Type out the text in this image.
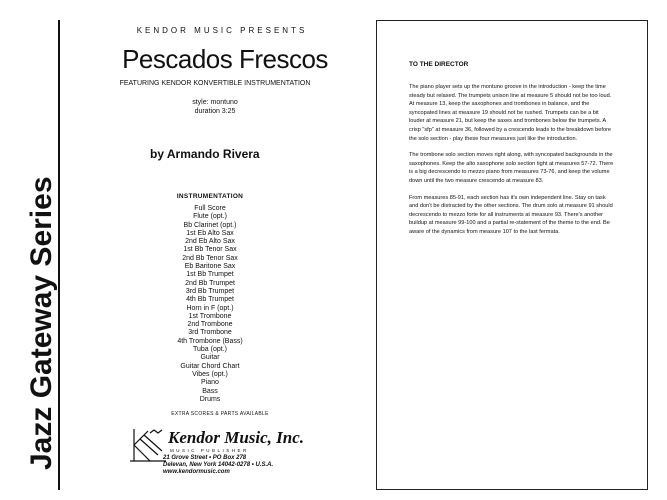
Jazz Gateway Series
KENDOR MUSIC PRESENTS
Pescados Frescos
FEATURING KENDOR KONVERTIBLE INSTRUMENTATION
style: montuno
duration 3:25
by Armando Rivera
INSTRUMENTATION
Full Score
Flute (opt.)
Bb Clarinet (opt.)
1st Eb Alto Sax
2nd Eb Alto Sax
1st Bb Tenor Sax
2nd Bb Tenor Sax
Eb Baritone Sax
1st Bb Trumpet
2nd Bb Trumpet
3rd Bb Trumpet
4th Bb Trumpet
Horn in F (opt.)
1st Trombone
2nd Trombone
3rd Trombone
4th Trombone (Bass)
Tuba (opt.)
Guitar
Guitar Chord Chart
Vibes (opt.)
Piano
Bass
Drums
EXTRA SCORES & PARTS AVAILABLE
Kendor Music, Inc.
MUSIC PUBLISHER
21 Grove Street • PO Box 278
Delevan, New York 14042-0278 • U.S.A.
www.kendormusic.com
TO THE DIRECTOR

The piano player sets up the montuno groove in the introduction - keep the time steady but relaxed. The trumpets unison line at measure 5 should not be too loud. At measure 13, keep the saxophones and trombones in balance, and the syncopated lines at measure 19 should not be rushed. Trumpets can be a bit louder at measure 21, but keep the saxes and trombones below the trumpets. A crisp "sfp" at measure 36, followed by a crescendo leads to the breakdown before the solo section - play these four measures just like the introduction.

The trombone solo section moves right along, with syncopated backgrounds in the saxophones. Keep the alto saxophone solo section tight at measures 57-72. There is a big decrescendo to mezzo piano from measures 73-76, and keep the volume down until the two measure crescendo at measure 83.

From measures 85-91, each section has it's own independent line. Stay on task and don't be distracted by the other sections. The drum solo at measure 91 should decrescendo to mezzo forte for all instruments at measure 93. There's another buildup at measure 99-100 and a partial re-statement of the theme to the end. Be aware of the dynamics from measure 107 to the last fermata.
